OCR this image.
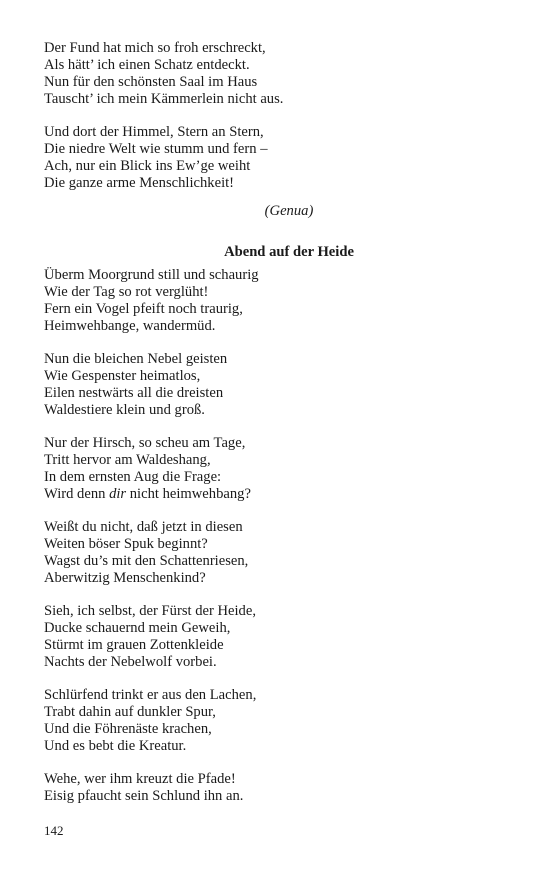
Der Fund hat mich so froh erschreckt,
Als hätt’ ich einen Schatz entdeckt.
Nun für den schönsten Saal im Haus
Tauscht’ ich mein Kämmerlein nicht aus.
Und dort der Himmel, Stern an Stern,
Die niedre Welt wie stumm und fern –
Ach, nur ein Blick ins Ew’ge weiht
Die ganze arme Menschlichkeit!
(Genua)
Abend auf der Heide
Überm Moorgrund still und schaurig
Wie der Tag so rot verglüht!
Fern ein Vogel pfeift noch traurig,
Heimwehbange, wandermüd.
Nun die bleichen Nebel geisten
Wie Gespenster heimatlos,
Eilen nestwärts all die dreisten
Waldestiere klein und groß.
Nur der Hirsch, so scheu am Tage,
Tritt hervor am Waldeshang,
In dem ernsten Aug die Frage:
Wird denn dir nicht heimwehbang?
Weißt du nicht, daß jetzt in diesen
Weiten böser Spuk beginnt?
Wagst du’s mit den Schattenriesen,
Aberwitzig Menschenkind?
Sieh, ich selbst, der Fürst der Heide,
Ducke schauernd mein Geweih,
Stürmt im grauen Zottenkleide
Nachts der Nebelwolf vorbei.
Schlürfend trinkt er aus den Lachen,
Trabt dahin auf dunkler Spur,
Und die Föhrenäste krachen,
Und es bebt die Kreatur.
Wehe, wer ihm kreuzt die Pfade!
Eisig pfaucht sein Schlund ihn an.
142
